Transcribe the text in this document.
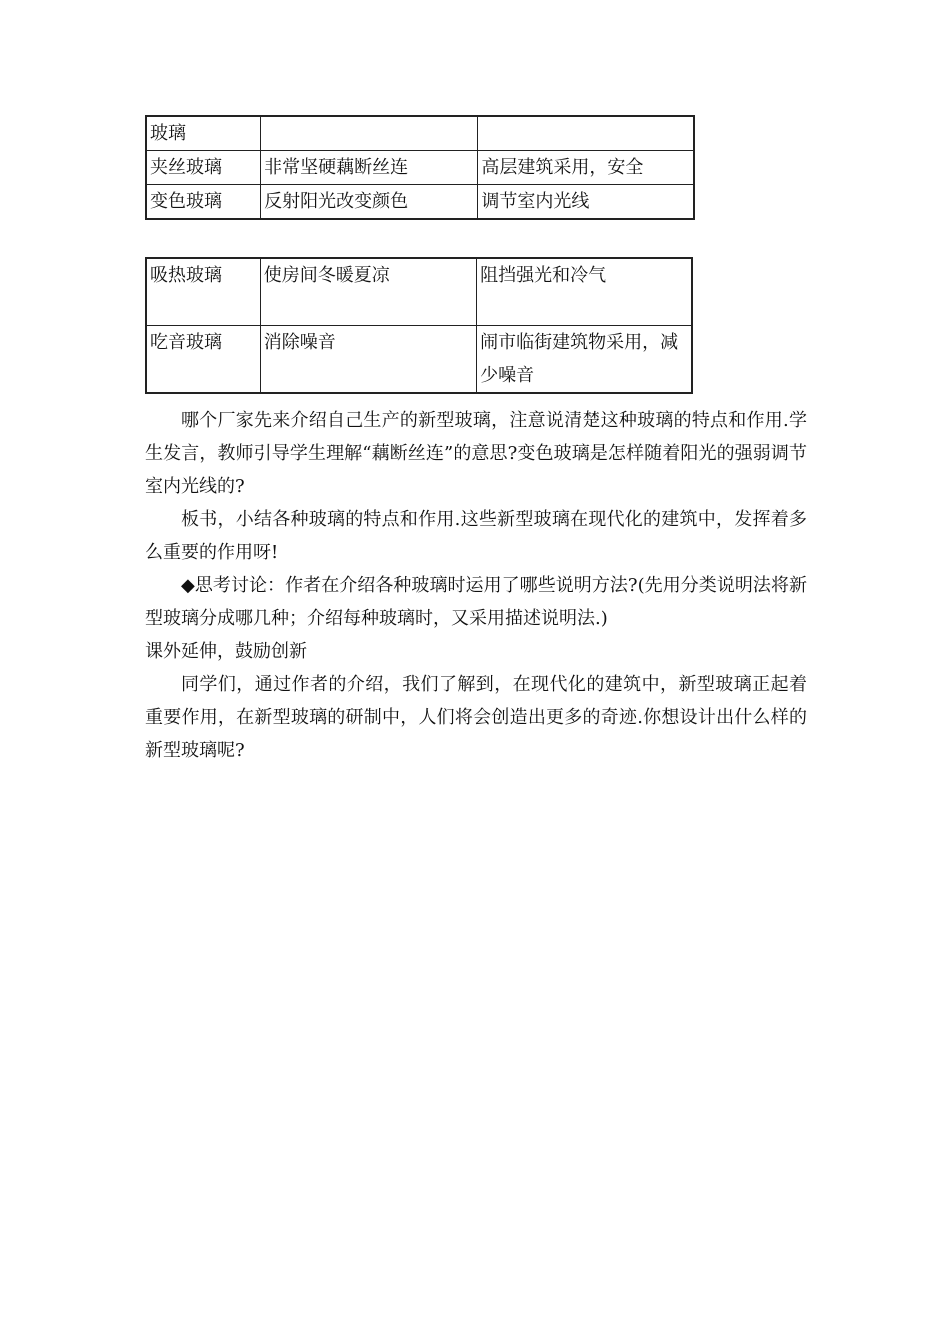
玻璃		
夹丝玻璃	非常坚硬藕断丝连	高层建筑采用，安全
变色玻璃	反射阳光改变颜色	调节室内光线
吸热玻璃	使房间冬暖夏凉	阻挡强光和冷气
吃音玻璃	消除噪音	闹市临街建筑物采用，减少噪音

哪个厂家先来介绍自己生产的新型玻璃，注意说清楚这种玻璃的特点和作用.学生发言，教师引导学生理解“藕断丝连”的意思?变色玻璃是怎样随着阳光的强弱调节室内光线的?

板书，小结各种玻璃的特点和作用.这些新型玻璃在现代化的建筑中，发挥着多么重要的作用呀!

◆思考讨论：作者在介绍各种玻璃时运用了哪些说明方法?(先用分类说明法将新型玻璃分成哪几种；介绍每种玻璃时，又采用描述说明法.)

课外延伸，鼓励创新

同学们，通过作者的介绍，我们了解到，在现代化的建筑中，新型玻璃正起着重要作用，在新型玻璃的研制中，人们将会创造出更多的奇迹.你想设计出什么样的新型玻璃呢?
